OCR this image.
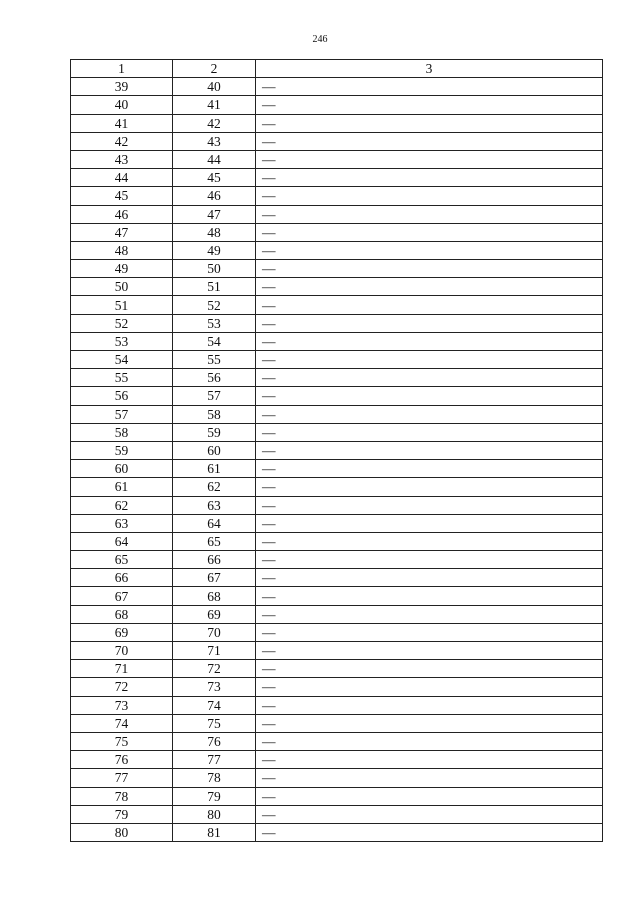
246
1	2	3
39	40	—
40	41	—
41	42	—
42	43	—
43	44	—
44	45	—
45	46	—
46	47	—
47	48	—
48	49	—
49	50	—
50	51	—
51	52	—
52	53	—
53	54	—
54	55	—
55	56	—
56	57	—
57	58	—
58	59	—
59	60	—
60	61	—
61	62	—
62	63	—
63	64	—
64	65	—
65	66	—
66	67	—
67	68	—
68	69	—
69	70	—
70	71	—
71	72	—
72	73	—
73	74	—
74	75	—
75	76	—
76	77	—
77	78	—
78	79	—
79	80	—
80	81	—
